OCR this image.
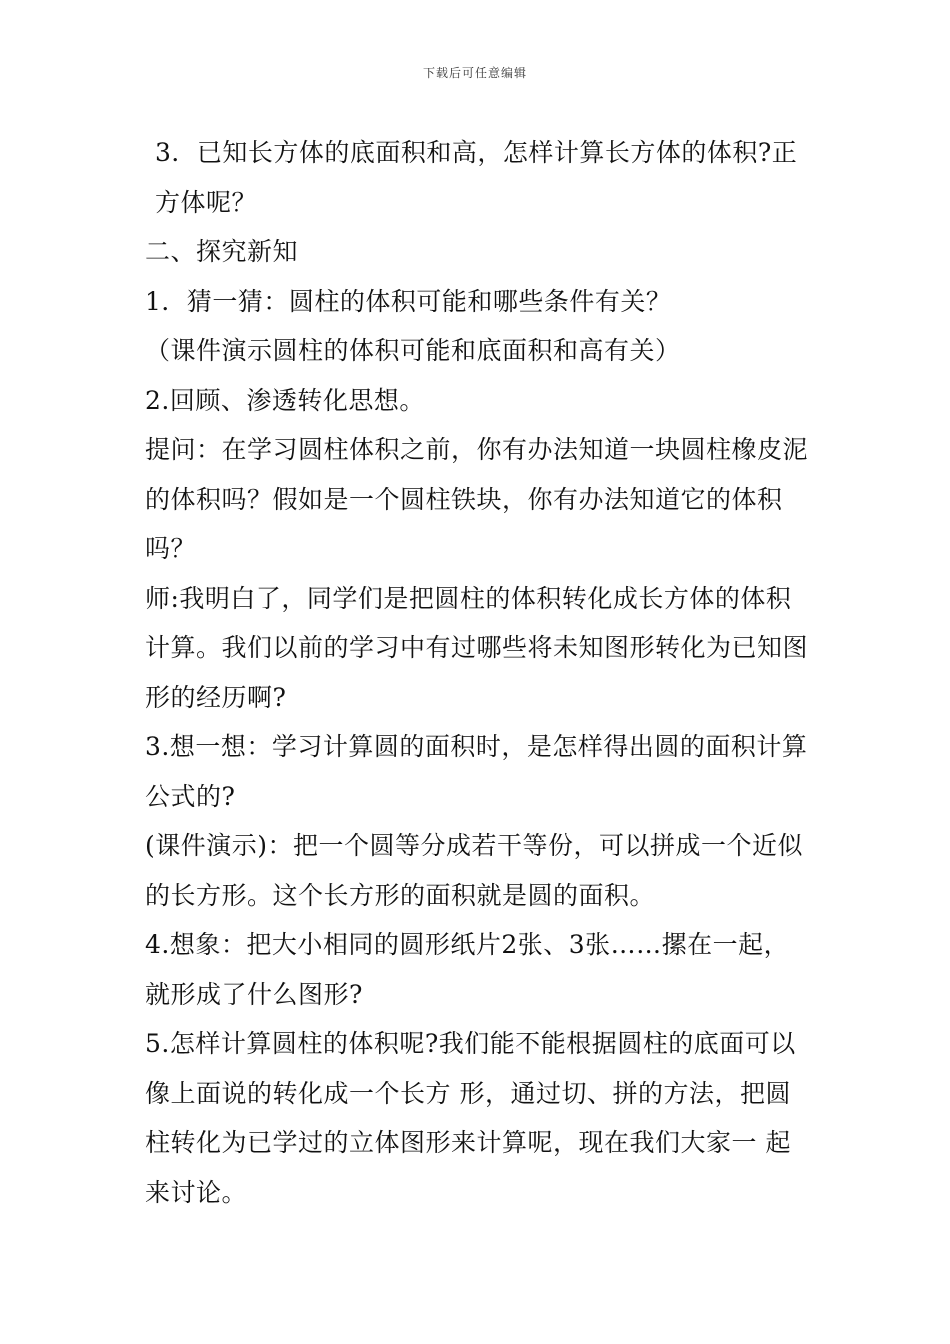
下载后可任意编辑

3．已知长方体的底面积和高，怎样计算长方体的体积?正方体呢？

二、探究新知

1．猜一猜：圆柱的体积可能和哪些条件有关？

（课件演示圆柱的体积可能和底面积和高有关）

2.回顾、渗透转化思想。

提问：在学习圆柱体积之前，你有办法知道一块圆柱橡皮泥的体积吗？假如是一个圆柱铁块，你有办法知道它的体积吗？

师:我明白了，同学们是把圆柱的体积转化成长方体的体积计算。我们以前的学习中有过哪些将未知图形转化为已知图形的经历啊?

3.想一想：学习计算圆的面积时，是怎样得出圆的面积计算公式的?

(课件演示)：把一个圆等分成若干等份，可以拼成一个近似的长方形。这个长方形的面积就是圆的面积。

4.想象：把大小相同的圆形纸片2张、3张……摞在一起，就形成了什么图形?

5.怎样计算圆柱的体积呢?我们能不能根据圆柱的底面可以像上面说的转化成一个长方 形，通过切、拼的方法，把圆柱转化为已学过的立体图形来计算呢，现在我们大家一 起来讨论。
